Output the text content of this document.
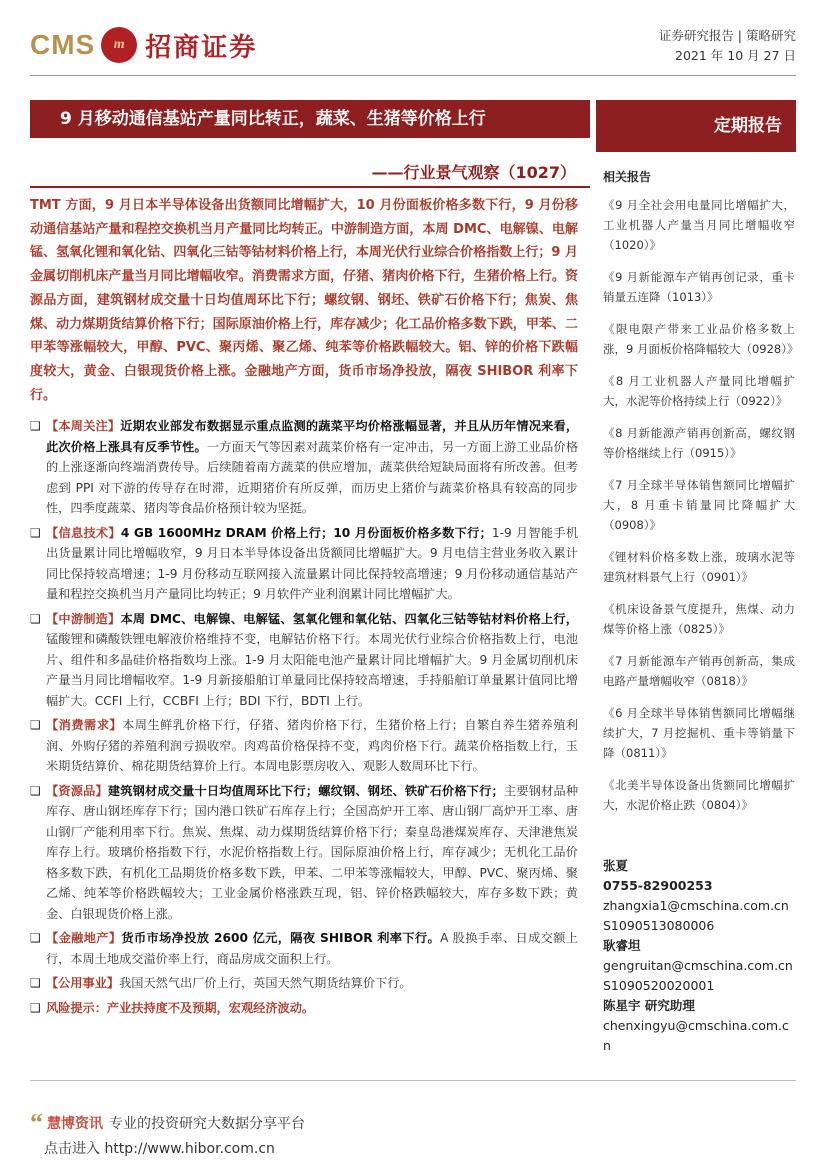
CMS	m 招商证券	证券研究报告 | 策略研究
2021 年 10 月 27 日
9 月移动通信基站产量同比转正，蔬菜、生猪等价格上行	定期报告
——行业景气观察（1027）
TMT 方面，9 月日本半导体设备出货额同比增幅扩大，10 月份面板价格多数下行，9 月份移动通信基站产量和程控交换机当月产量同比均转正。中游制造方面，本周 DMC、电解镍、电解锰、氢氧化锂和氧化钴、四氧化三钴等钴材料价格上行，本周光伏行业综合价格指数上行；9 月金属切削机床产量当月同比增幅收窄。消费需求方面，仔猪、猪肉价格下行，生猪价格上行。资源品方面，建筑钢材成交量十日均值周环比下行；螺纹钢、钢坯、铁矿石价格下行；焦炭、焦煤、动力煤期货结算价格下行；国际原油价格上行，库存减少；化工品价格多数下跌，甲苯、二甲苯等涨幅较大，甲醇、PVC、聚丙烯、聚乙烯、纯苯等价格跌幅较大。铝、锌的价格下跌幅度较大，黄金、白银现货价格上涨。金融地产方面，货币市场净投放，隔夜 SHIBOR 利率下行。
❑ 【本周关注】近期农业部发布数据显示重点监测的蔬菜平均价格涨幅显著，并且从历年情况来看，此次价格上涨具有反季节性。一方面天气等因素对蔬菜价格有一定冲击，另一方面上游工业品价格的上涨逐渐向终端消费传导。后续随着南方蔬菜的供应增加，蔬菜供给短缺局面将有所改善。但考虑到 PPI 对下游的传导存在时滞，近期猪价有所反弹，而历史上猪价与蔬菜价格具有较高的同步性，四季度蔬菜、猪肉等食品价格预计较为坚挺。
❑ 【信息技术】4 GB 1600MHz DRAM 价格上行；10 月份面板价格多数下行；1-9 月智能手机出货量累计同比增幅收窄，9 月日本半导体设备出货额同比增幅扩大。9 月电信主营业务收入累计同比保持较高增速；1-9 月份移动互联网接入流量累计同比保持较高增速；9 月份移动通信基站产量和程控交换机当月产量同比均转正；9 月软件产业利润累计同比增幅扩大。
❑ 【中游制造】本周 DMC、电解镍、电解锰、氢氧化锂和氧化钴、四氧化三钴等钴材料价格上行，锰酸锂和磷酸铁锂电解液价格维持不变，电解钴价格下行。本周光伏行业综合价格指数上行，电池片、组件和多晶硅价格指数均上涨。1-9 月太阳能电池产量累计同比增幅扩大。9 月金属切削机床产量当月同比增幅收窄。1-9 月新接船舶订单量同比保持较高增速，手持船舶订单量累计值同比增幅扩大。CCFI 上行，CCBFI 上行；BDI 下行，BDTI 上行。
❑ 【消费需求】本周生鲜乳价格下行，仔猪、猪肉价格下行，生猪价格上行；自繁自养生猪养殖利润、外购仔猪的养殖利润亏损收窄。肉鸡苗价格保持不变，鸡肉价格下行。蔬菜价格指数上行，玉米期货结算价、棉花期货结算价上行。本周电影票房收入、观影人数周环比下行。
❑ 【资源品】建筑钢材成交量十日均值周环比下行；螺纹钢、钢坯、铁矿石价格下行；主要钢材品种库存、唐山钢坯库存下行；国内港口铁矿石库存上行；全国高炉开工率、唐山钢厂高炉开工率、唐山钢厂产能利用率下行。焦炭、焦煤、动力煤期货结算价格下行；秦皇岛港煤炭库存、天津港焦炭库存上行。玻璃价格指数下行，水泥价格指数上行。国际原油价格上行，库存减少；无机化工品价格多数下跌，有机化工品期货价格多数下跌，甲苯、二甲苯等涨幅较大，甲醇、PVC、聚丙烯、聚乙烯、纯苯等价格跌幅较大；工业金属价格涨跌互现，铝、锌价格跌幅较大，库存多数下跌；黄金、白银现货价格上涨。
❑ 【金融地产】货币市场净投放 2600 亿元，隔夜 SHIBOR 利率下行。A 股换手率、日成交额上行，本周土地成交溢价率上行，商品房成交面积上行。
❑ 【公用事业】我国天然气出厂价上行，英国天然气期货结算价下行。
❑ 风险提示：产业扶持度不及预期，宏观经济波动。
相关报告
《9 月全社会用电量同比增幅扩大，工业机器人产量当月同比增幅收窄（1020）》
《9 月新能源车产销再创记录，重卡销量五连降（1013）》
《限电限产带来工业品价格多数上涨，9 月面板价格降幅较大（0928）》
《8 月工业机器人产量同比增幅扩大，水泥等价格持续上行（0922）》
《8 月新能源产销再创新高，螺纹钢等价格继续上行（0915）》
《7 月全球半导体销售额同比增幅扩大，8 月重卡销量同比降幅扩大（0908）》
《锂材料价格多数上涨，玻璃水泥等建筑材料景气上行（0901）》
《机床设备景气度提升，焦煤、动力煤等价格上涨（0825）》
《7 月新能源车产销再创新高，集成电路产量增幅收窄（0818）》
《6 月全球半导体销售额同比增幅继续扩大，7 月挖掘机、重卡等销量下降（0811）》
《北美半导体设备出货额同比增幅扩大，水泥价格止跌（0804）》
张夏
0755-82900253
zhangxia1@cmschina.com.cn
S1090513080006
耿睿坦
gengruitan@cmschina.com.cn
S1090520020001
陈星宇 研究助理
chenxingyu@cmschina.com.cn
“ 慧博资讯 专业的投资研究大数据分享平台
点击进入 http://www.hibor.com.cn
